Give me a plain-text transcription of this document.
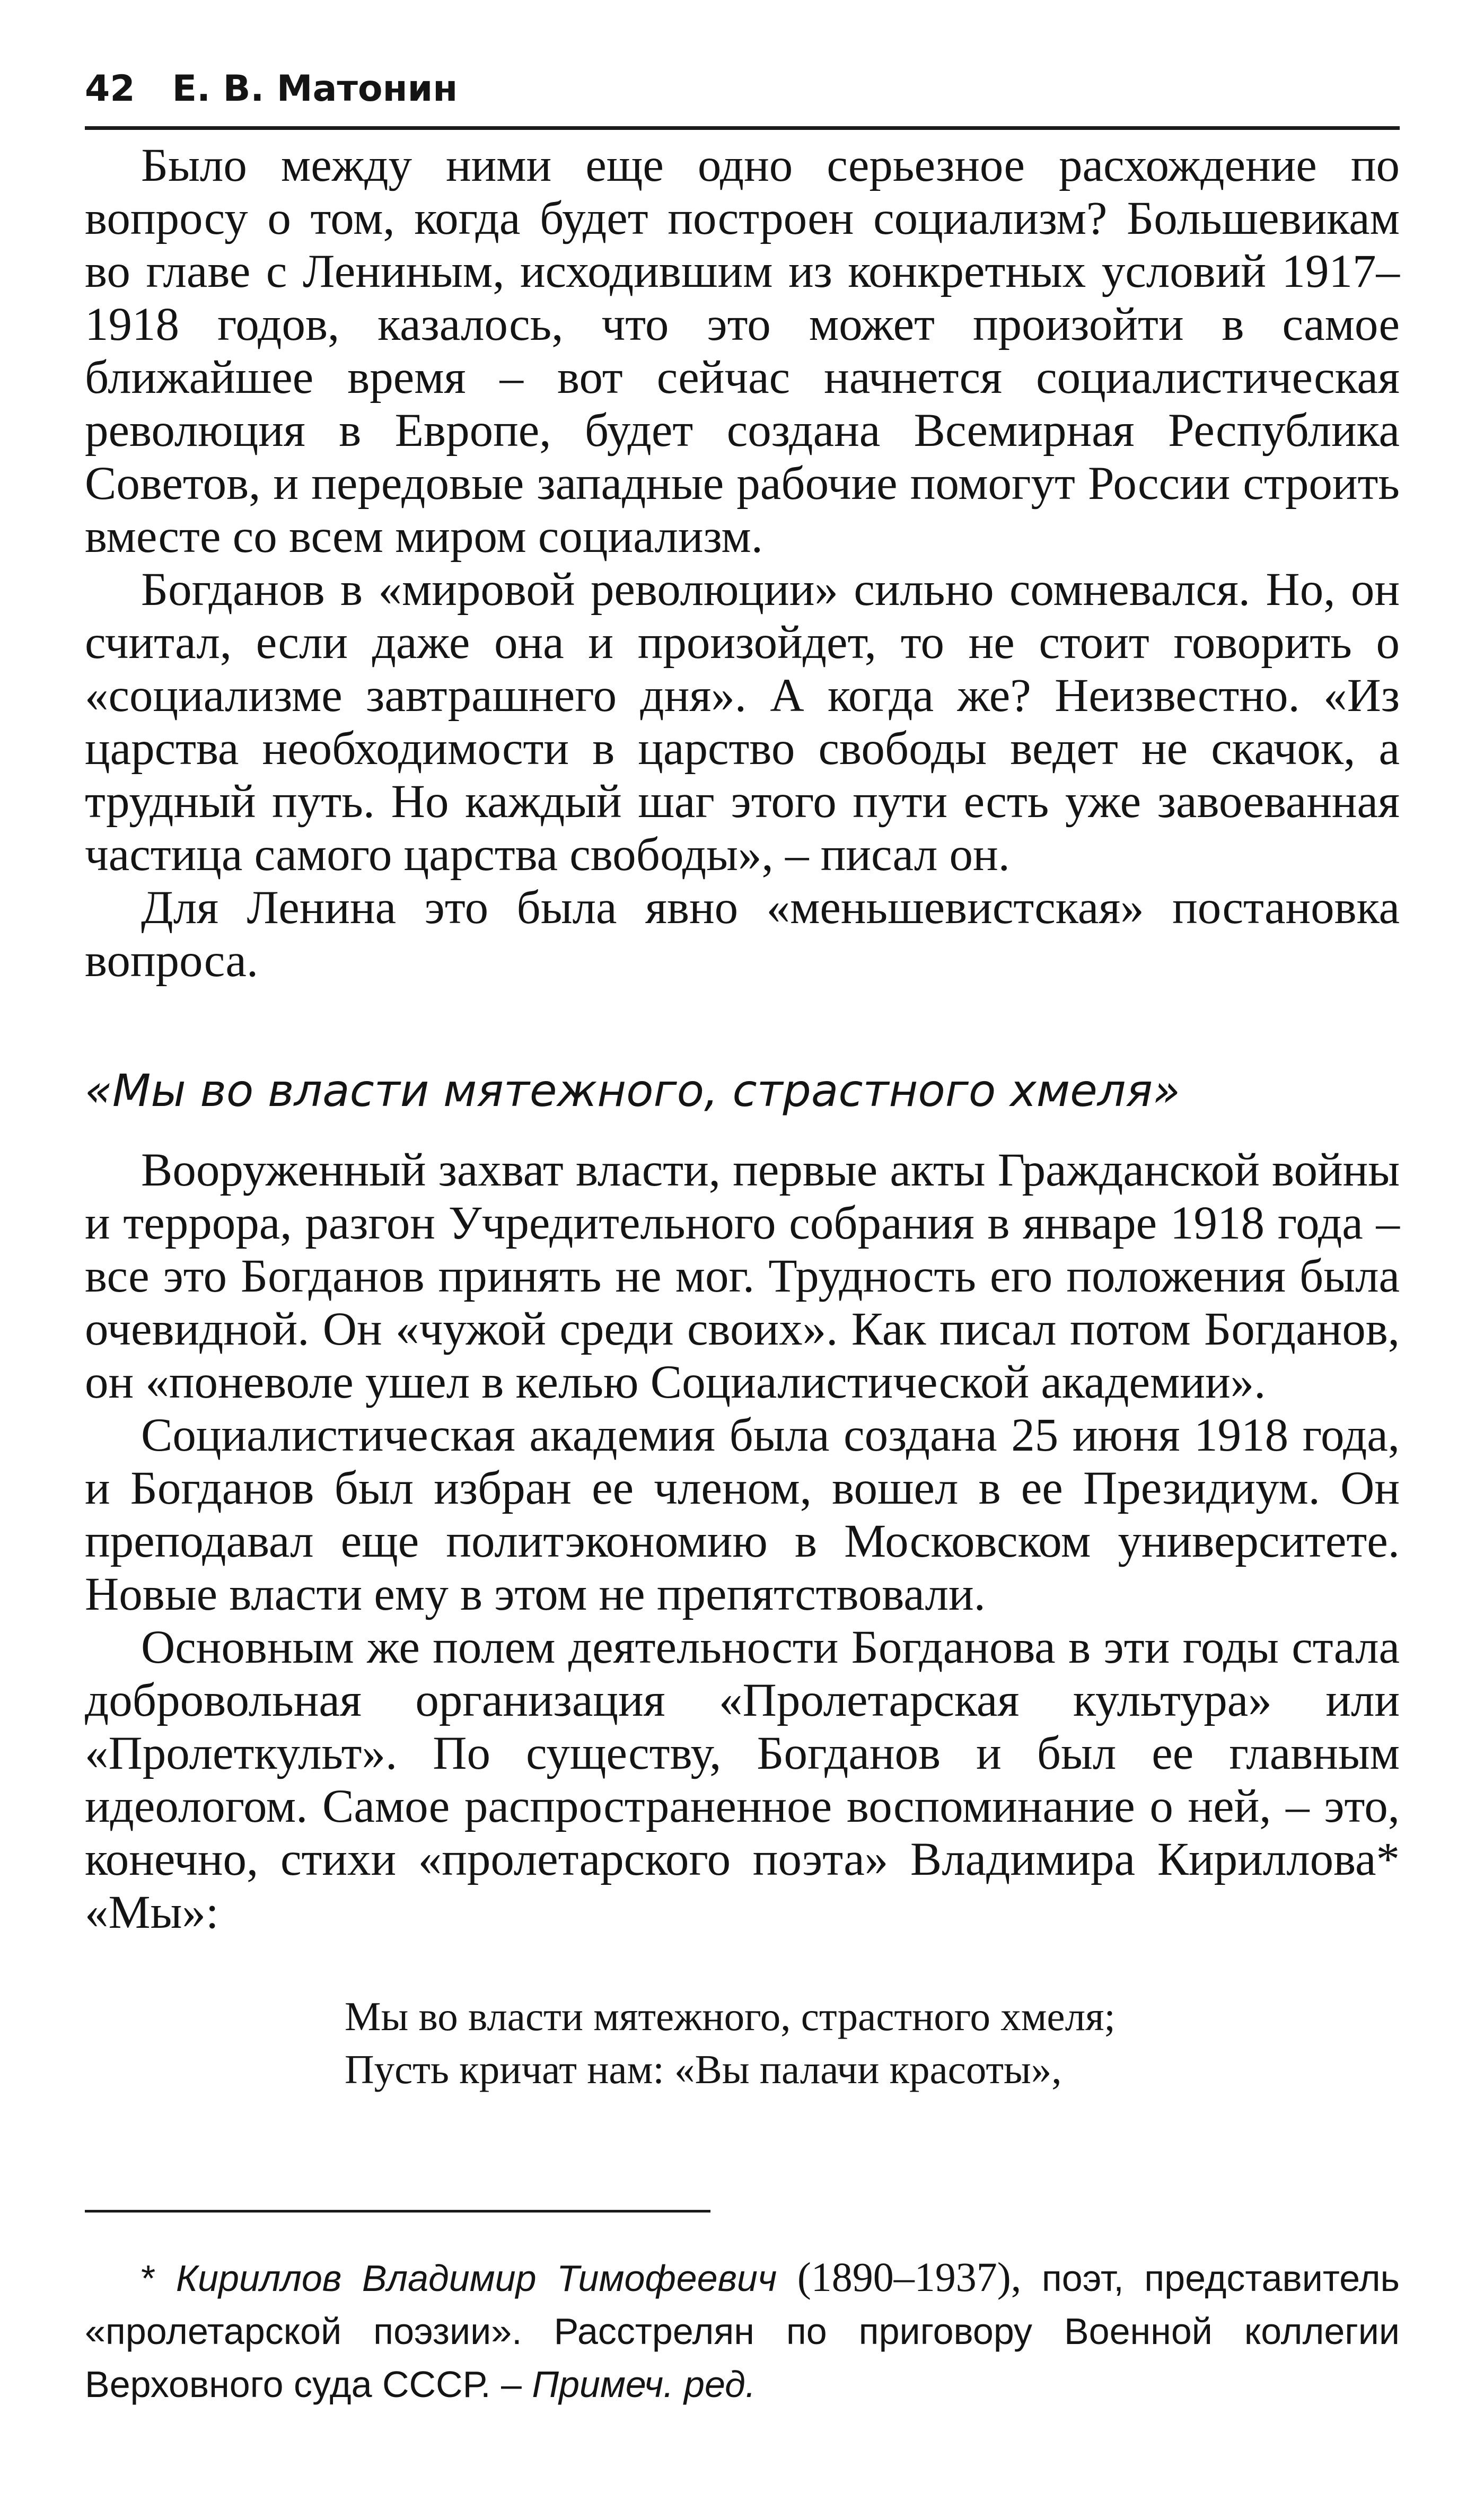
42 Е. В. Матонин

Было между ними еще одно серьезное расхождение по вопросу о том, когда будет построен социализм? Большевикам во главе с Лениным, исходившим из конкретных условий 1917–1918 годов, казалось, что это может произойти в самое ближайшее время – вот сейчас начнется социалистическая революция в Европе, будет создана Всемирная Республика Советов, и передовые западные рабочие помогут России строить вместе со всем миром социализм.

Богданов в «мировой революции» сильно сомневался. Но, он считал, если даже она и произойдет, то не стоит говорить о «социализме завтрашнего дня». А когда же? Неизвестно. «Из царства необходимости в царство свободы ведет не скачок, а трудный путь. Но каждый шаг этого пути есть уже завоеванная частица самого царства свободы», – писал он.

Для Ленина это была явно «меньшевистская» постановка вопроса.

«Мы во власти мятежного, страстного хмеля»

Вооруженный захват власти, первые акты Гражданской войны и террора, разгон Учредительного собрания в январе 1918 года – все это Богданов принять не мог. Трудность его положения была очевидной. Он «чужой среди своих». Как писал потом Богданов, он «поневоле ушел в келью Социалистической академии».

Социалистическая академия была создана 25 июня 1918 года, и Богданов был избран ее членом, вошел в ее Президиум. Он преподавал еще политэкономию в Московском университете. Новые власти ему в этом не препятствовали.

Основным же полем деятельности Богданова в эти годы стала добровольная организация «Пролетарская культура» или «Пролеткульт». По существу, Богданов и был ее главным идеологом. Самое распространенное воспоминание о ней, – это, конечно, стихи «пролетарского поэта» Владимира Кириллова* «Мы»:

Мы во власти мятежного, страстного хмеля;
Пусть кричат нам: «Вы палачи красоты»,
* Кириллов Владимир Тимофеевич (1890–1937), поэт, представитель «пролетарской поэзии». Расстрелян по приговору Военной коллегии Верховного суда СССР. – Примеч. ред.
